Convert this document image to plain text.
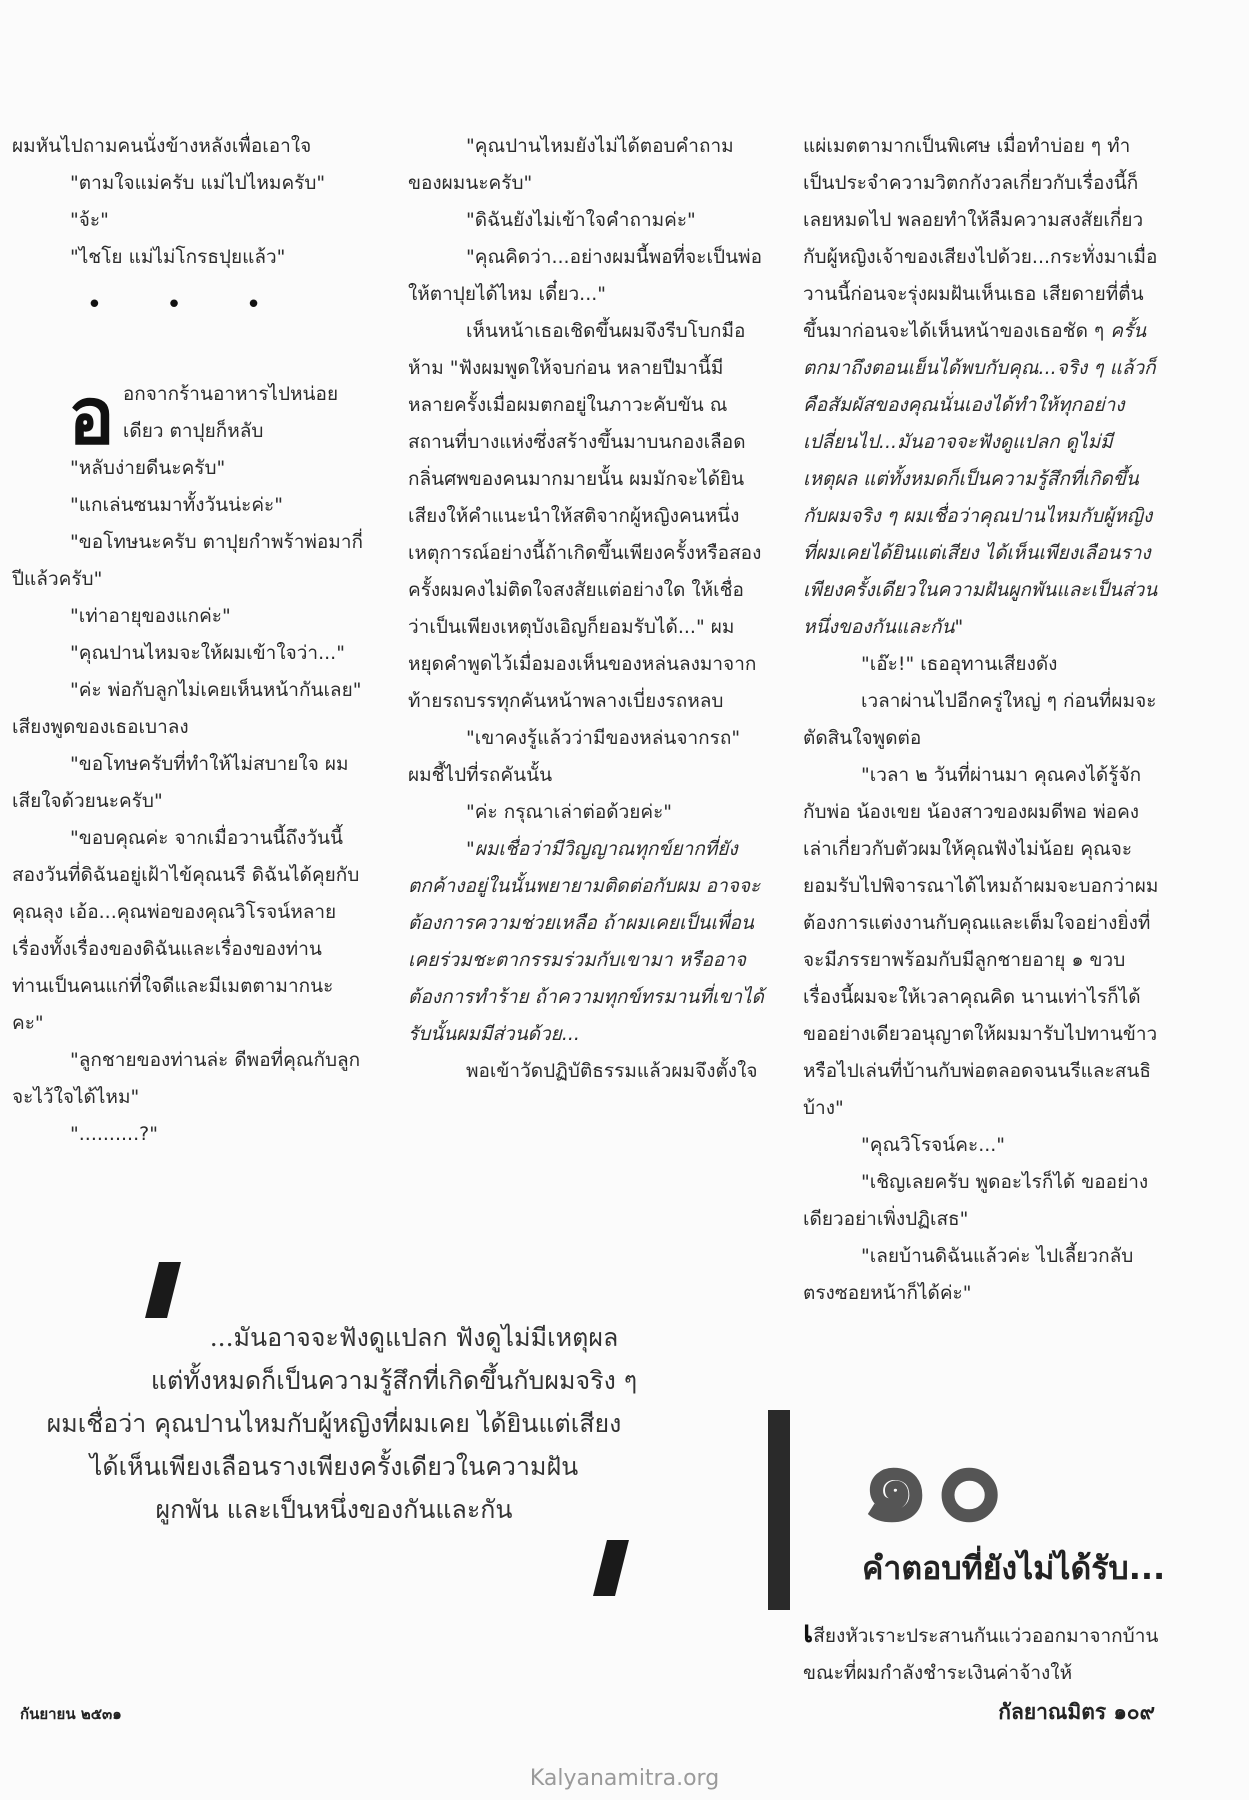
ผมหันไปถามคนนั่งข้างหลังเพื่อเอาใจ

"ตามใจแม่ครับ แม่ไปไหมครับ"

"จ้ะ"

"ไชโย แม่ไม่โกรธปุยแล้ว"

• • •

ออกจากร้านอาหารไปหน่อยเดียว ตาปุยก็หลับ

"หลับง่ายดีนะครับ"

"แกเล่นซนมาทั้งวันน่ะค่ะ"

"ขอโทษนะครับ ตาปุยกำพร้าพ่อมากี่ปีแล้วครับ"

"เท่าอายุของแกค่ะ"

"คุณปานไหมจะให้ผมเข้าใจว่า..."

"ค่ะ พ่อกับลูกไม่เคยเห็นหน้ากันเลย" เสียงพูดของเธอเบาลง

"ขอโทษครับที่ทำให้ไม่สบายใจ ผมเสียใจด้วยนะครับ"

"ขอบคุณค่ะ จากเมื่อวานนี้ถึงวันนี้สองวันที่ดิฉันอยู่เฝ้าไข้คุณนรี ดิฉันได้คุยกับคุณลุง เอ้อ...คุณพ่อของคุณวิโรจน์หลายเรื่องทั้งเรื่องของดิฉันและเรื่องของท่าน ท่านเป็นคนแก่ที่ใจดีและมีเมตตามากนะคะ"

"ลูกชายของท่านล่ะ ดีพอที่คุณกับลูกจะไว้ใจได้ไหม"

"..........?"

"คุณปานไหมยังไม่ได้ตอบคำถามของผมนะครับ"

"ดิฉันยังไม่เข้าใจคำถามค่ะ"

"คุณคิดว่า...อย่างผมนี้พอที่จะเป็นพ่อให้ตาปุยได้ไหม เดี๋ยว..."

เห็นหน้าเธอเชิดขึ้นผมจึงรีบโบกมือห้าม "ฟังผมพูดให้จบก่อน หลายปีมานี้มีหลายครั้งเมื่อผมตกอยู่ในภาวะคับขัน ณ สถานที่บางแห่งซึ่งสร้างขึ้นมาบนกองเลือดกลิ่นศพของคนมากมายนั้น ผมมักจะได้ยินเสียงให้คำแนะนำให้สติจากผู้หญิงคนหนึ่ง เหตุการณ์อย่างนี้ถ้าเกิดขึ้นเพียงครั้งหรือสองครั้งผมคงไม่ติดใจสงสัยแต่อย่างใด ให้เชื่อว่าเป็นเพียงเหตุบังเอิญก็ยอมรับได้..." ผมหยุดคำพูดไว้เมื่อมองเห็นของหล่นลงมาจากท้ายรถบรรทุกคันหน้าพลางเบี่ยงรถหลบ

"เขาคงรู้แล้วว่ามีของหล่นจากรถ" ผมชี้ไปที่รถคันนั้น

"ค่ะ กรุณาเล่าต่อด้วยค่ะ"

"ผมเชื่อว่ามีวิญญาณทุกข์ยากที่ยังตกค้างอยู่ในนั้นพยายามติดต่อกับผม อาจจะต้องการความช่วยเหลือ ถ้าผมเคยเป็นเพื่อน เคยร่วมชะตากรรมร่วมกับเขามา หรืออาจต้องการทำร้าย ถ้าความทุกข์ทรมานที่เขาได้รับนั้นผมมีส่วนด้วย...

พอเข้าวัดปฏิบัติธรรมแล้วผมจึงตั้งใจ

แผ่เมตตามากเป็นพิเศษ เมื่อทำบ่อย ๆ ทำเป็นประจำความวิตกกังวลเกี่ยวกับเรื่องนี้ก็เลยหมดไป พลอยทำให้ลืมความสงสัยเกี่ยวกับผู้หญิงเจ้าของเสียงไปด้วย...กระทั่งมาเมื่อวานนี้ก่อนจะรุ่งผมฝันเห็นเธอ เสียดายที่ตื่นขึ้นมาก่อนจะได้เห็นหน้าของเธอชัด ๆ ครั้นตกมาถึงตอนเย็นได้พบกับคุณ...จริง ๆ แล้วก็คือสัมผัสของคุณนั่นเองได้ทำให้ทุกอย่างเปลี่ยนไป...มันอาจจะฟังดูแปลก ดูไม่มีเหตุผล แต่ทั้งหมดก็เป็นความรู้สึกที่เกิดขึ้นกับผมจริง ๆ ผมเชื่อว่าคุณปานไหมกับผู้หญิงที่ผมเคยได้ยินแต่เสียง ได้เห็นเพียงเลือนรางเพียงครั้งเดียวในความฝันผูกพันและเป็นส่วนหนึ่งของกันและกัน"

"เอ๊ะ!" เธออุทานเสียงดัง

เวลาผ่านไปอีกครู่ใหญ่ ๆ ก่อนที่ผมจะตัดสินใจพูดต่อ

"เวลา ๒ วันที่ผ่านมา คุณคงได้รู้จักกับพ่อ น้องเขย น้องสาวของผมดีพอ พ่อคงเล่าเกี่ยวกับตัวผมให้คุณฟังไม่น้อย คุณจะยอมรับไปพิจารณาได้ไหมถ้าผมจะบอกว่าผมต้องการแต่งงานกับคุณและเต็มใจอย่างยิ่งที่จะมีภรรยาพร้อมกับมีลูกชายอายุ ๑ ขวบ เรื่องนี้ผมจะให้เวลาคุณคิด นานเท่าไรก็ได้ ขออย่างเดียวอนุญาตให้ผมมารับไปทานข้าวหรือไปเล่นที่บ้านกับพ่อตลอดจนนรีและสนธิบ้าง"

"คุณวิโรจน์คะ..."

"เชิญเลยครับ พูดอะไรก็ได้ ขออย่างเดียวอย่าเพิ่งปฏิเสธ"

"เลยบ้านดิฉันแล้วค่ะ ไปเลี้ยวกลับตรงซอยหน้าก็ได้ค่ะ"

...มันอาจจะฟังดูแปลก ฟังดูไม่มีเหตุผล
แต่ทั้งหมดก็เป็นความรู้สึกที่เกิดขึ้นกับผมจริง ๆ
ผมเชื่อว่า คุณปานไหมกับผู้หญิงที่ผมเคย ได้ยินแต่เสียง
ได้เห็นเพียงเลือนรางเพียงครั้งเดียวในความฝัน
ผูกพัน และเป็นหนึ่งของกันและกัน	๑๐
คำตอบที่ยังไม่ได้รับ...

เสียงหัวเราะประสานกันแว่วออกมาจากบ้านขณะที่ผมกำลังชำระเงินค่าจ้างให้

กันยายน ๒๕๓๑	กัลยาณมิตร ๑๐๙
Kalyanamitra.org
